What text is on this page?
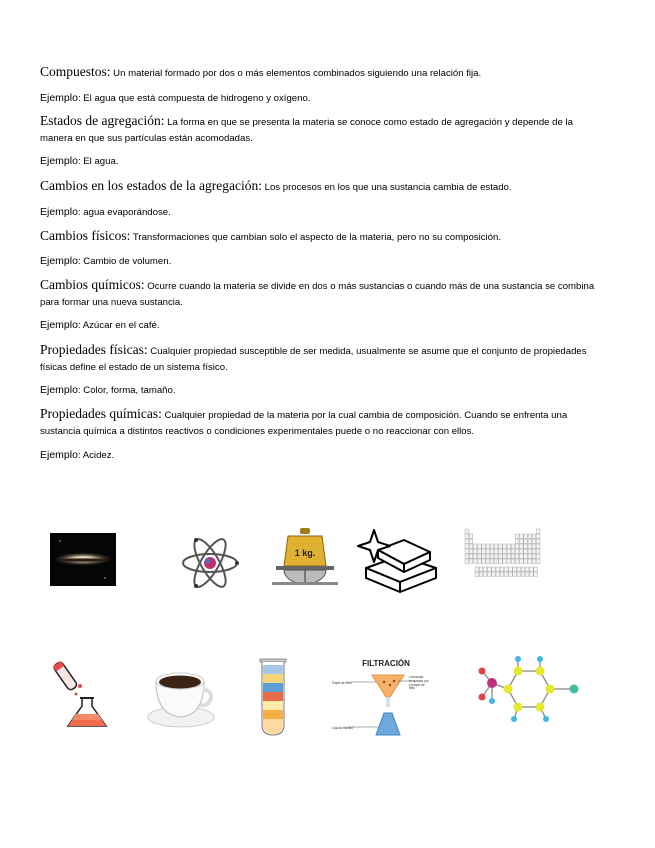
Compuestos: Un material formado por dos o más elementos combinados siguiendo una relación fija.
Ejemplo: El agua que está compuesta de hidrogeno y oxígeno.
Estados de agregación: La forma en que se presenta la materia se conoce como estado de agregación y depende de la manera en que sus partículas están acomodadas.
Ejemplo: El agua.
Cambios en los estados de la agregación: Los procesos en los que una sustancia cambia de estado.
Ejemplo: agua evaporándose.
Cambios físicos: Transformaciones que cambian solo el aspecto de la materia, pero no su composición.
Ejemplo: Cambio de volumen.
Cambios químicos: Ocurre cuando la materia se divide en dos o más sustancias o cuando más de una sustancia se combina para formar una nueva sustancia.
Ejemplo: Azúcar en el café.
Propiedades físicas: Cualquier propiedad susceptible de ser medida, usualmente se asume que el conjunto de propiedades físicas define el estado de un sistema físico.
Ejemplo: Color, forma, tamaño.
Propiedades químicas: Cualquier propiedad de la materia por la cual cambia de composición. Cuando se enfrenta una sustancia química a distintos reactivos o condiciones experimentales puede o no reaccionar con ellos.
Ejemplo: Acidez.
1 kg.
FILTRACIÓN
Papel de filtro
Partículas atrapadas por el papel de filtro
Líquido filtrado
